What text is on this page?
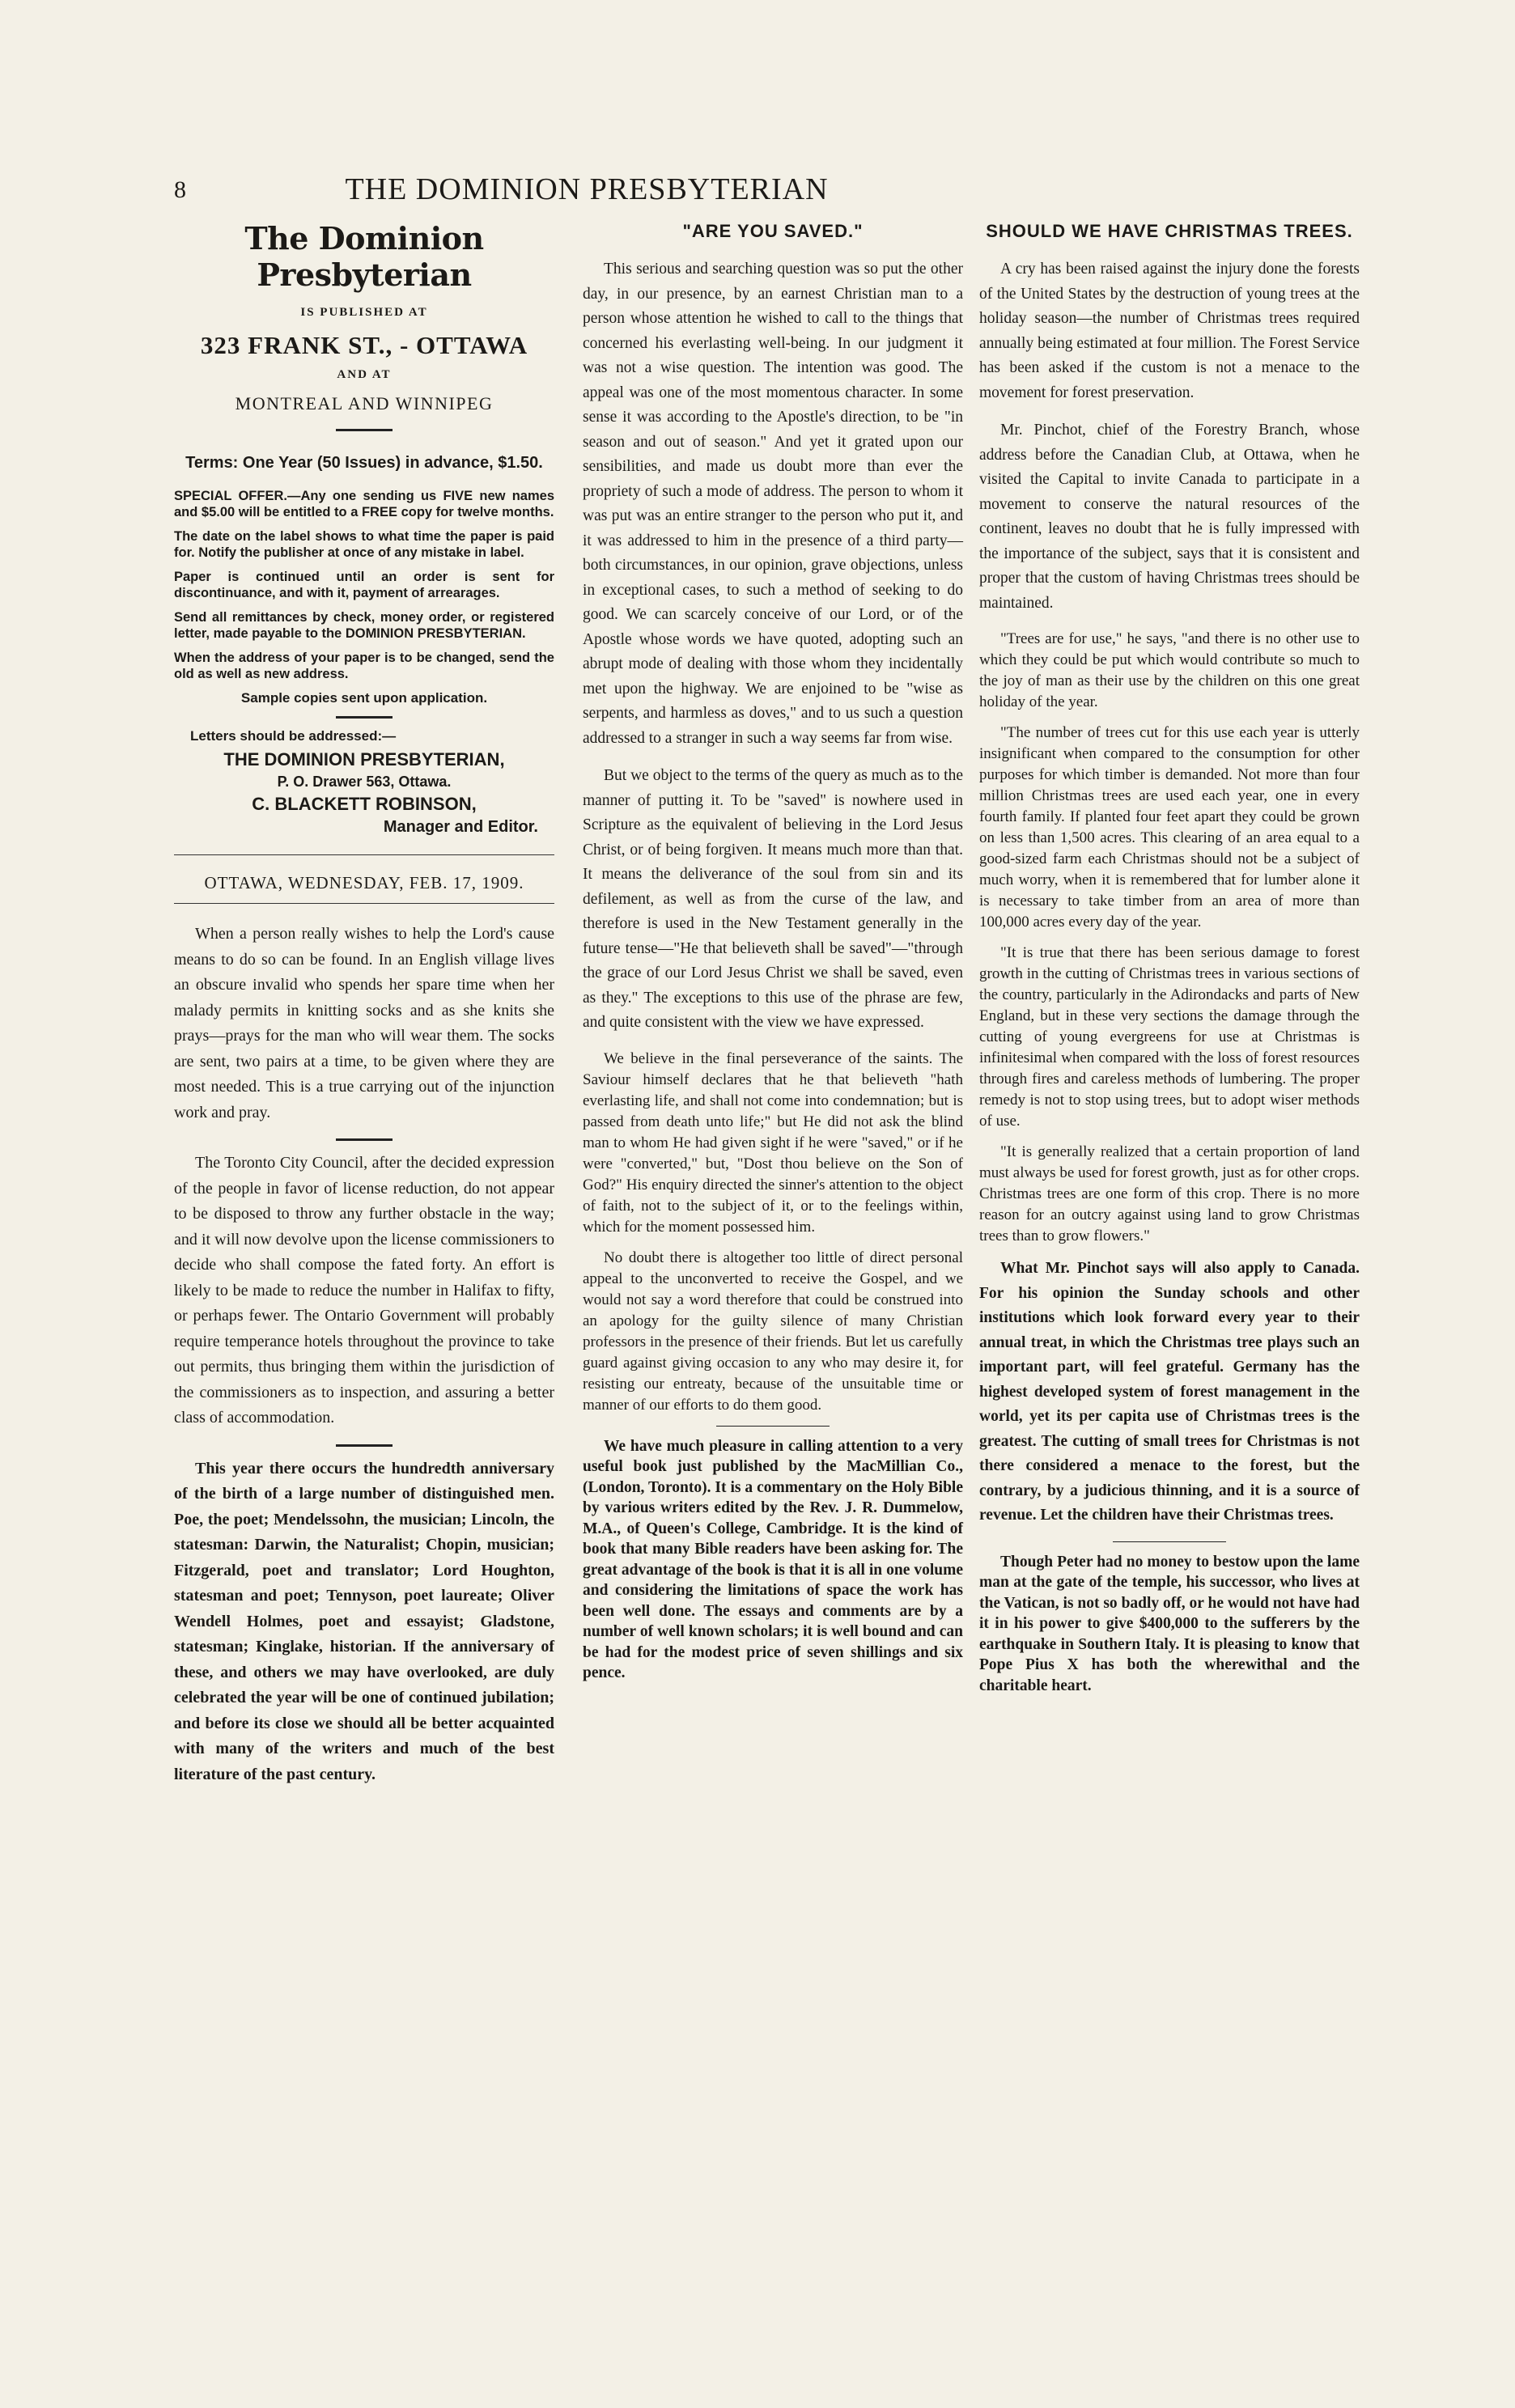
8	THE DOMINION PRESBYTERIAN
The Dominion Presbyterian
IS PUBLISHED AT
323 FRANK ST., - OTTAWA
AND AT
MONTREAL AND WINNIPEG
Terms: One Year (50 Issues) in advance, $1.50.

SPECIAL OFFER.—Any one sending us FIVE new names and $5.00 will be entitled to a FREE copy for twelve months.

The date on the label shows to what time the paper is paid for. Notify the publisher at once of any mistake in label.

Paper is continued until an order is sent for discontinuance, and with it, payment of arrearages.

Send all remittances by check, money order, or registered letter, made payable to the DOMINION PRESBYTERIAN.

When the address of your paper is to be changed, send the old as well as new address.

Sample copies sent upon application.
Letters should be addressed:—
THE DOMINION PRESBYTERIAN,
P. O. Drawer 563, Ottawa.
C. BLACKETT ROBINSON,
Manager and Editor.
OTTAWA, WEDNESDAY, FEB. 17, 1909.

When a person really wishes to help the Lord's cause means to do so can be found. In an English village lives an obscure invalid who spends her spare time when her malady permits in knitting socks and as she knits she prays—prays for the man who will wear them. The socks are sent, two pairs at a time, to be given where they are most needed. This is a true carrying out of the injunction work and pray.

The Toronto City Council, after the decided expression of the people in favor of license reduction, do not appear to be disposed to throw any further obstacle in the way; and it will now devolve upon the license commissioners to decide who shall compose the fated forty. An effort is likely to be made to reduce the number in Halifax to fifty, or perhaps fewer. The Ontario Government will probably require temperance hotels throughout the province to take out permits, thus bringing them within the jurisdiction of the commissioners as to inspection, and assuring a better class of accommodation.

This year there occurs the hundredth anniversary of the birth of a large number of distinguished men. Poe, the poet; Mendelssohn, the musician; Lincoln, the statesman: Darwin, the Naturalist; Chopin, musician; Fitzgerald, poet and translator; Lord Houghton, statesman and poet; Tennyson, poet laureate; Oliver Wendell Holmes, poet and essayist; Gladstone, statesman; Kinglake, historian. If the anniversary of these, and others we may have overlooked, are duly celebrated the year will be one of continued jubilation; and before its close we should all be better acquainted with many of the writers and much of the best literature of the past century.

"ARE YOU SAVED."

This serious and searching question was so put the other day, in our presence, by an earnest Christian man to a person whose attention he wished to call to the things that concerned his everlasting well-being. In our judgment it was not a wise question. The intention was good. The appeal was one of the most momentous character. In some sense it was according to the Apostle's direction, to be "in season and out of season." And yet it grated upon our sensibilities, and made us doubt more than ever the propriety of such a mode of address. The person to whom it was put was an entire stranger to the person who put it, and it was addressed to him in the presence of a third party—both circumstances, in our opinion, grave objections, unless in exceptional cases, to such a method of seeking to do good. We can scarcely conceive of our Lord, or of the Apostle whose words we have quoted, adopting such an abrupt mode of dealing with those whom they incidentally met upon the highway. We are enjoined to be "wise as serpents, and harmless as doves," and to us such a question addressed to a stranger in such a way seems far from wise.

But we object to the terms of the query as much as to the manner of putting it. To be "saved" is nowhere used in Scripture as the equivalent of believing in the Lord Jesus Christ, or of being forgiven. It means much more than that. It means the deliverance of the soul from sin and its defilement, as well as from the curse of the law, and therefore is used in the New Testament generally in the future tense—"He that believeth shall be saved"—"through the grace of our Lord Jesus Christ we shall be saved, even as they." The exceptions to this use of the phrase are few, and quite consistent with the view we have expressed.

We believe in the final perseverance of the saints. The Saviour himself declares that he that believeth "hath everlasting life, and shall not come into condemnation; but is passed from death unto life;" but He did not ask the blind man to whom He had given sight if he were "saved," or if he were "converted," but, "Dost thou believe on the Son of God?" His enquiry directed the sinner's attention to the object of faith, not to the subject of it, or to the feelings within, which for the moment possessed him.

No doubt there is altogether too little of direct personal appeal to the unconverted to receive the Gospel, and we would not say a word therefore that could be construed into an apology for the guilty silence of many Christian professors in the presence of their friends. But let us carefully guard against giving occasion to any who may desire it, for resisting our entreaty, because of the unsuitable time or manner of our efforts to do them good.

We have much pleasure in calling attention to a very useful book just published by the MacMillian Co., (London, Toronto). It is a commentary on the Holy Bible by various writers edited by the Rev. J. R. Dummelow, M.A., of Queen's College, Cambridge. It is the kind of book that many Bible readers have been asking for. The great advantage of the book is that it is all in one volume and considering the limitations of space the work has been well done. The essays and comments are by a number of well known scholars; it is well bound and can be had for the modest price of seven shillings and six pence.

SHOULD WE HAVE CHRISTMAS TREES.

A cry has been raised against the injury done the forests of the United States by the destruction of young trees at the holiday season—the number of Christmas trees required annually being estimated at four million. The Forest Service has been asked if the custom is not a menace to the movement for forest preservation.

Mr. Pinchot, chief of the Forestry Branch, whose address before the Canadian Club, at Ottawa, when he visited the Capital to invite Canada to participate in a movement to conserve the natural resources of the continent, leaves no doubt that he is fully impressed with the importance of the subject, says that it is consistent and proper that the custom of having Christmas trees should be maintained.

"Trees are for use," he says, "and there is no other use to which they could be put which would contribute so much to the joy of man as their use by the children on this one great holiday of the year.

"The number of trees cut for this use each year is utterly insignificant when compared to the consumption for other purposes for which timber is demanded. Not more than four million Christmas trees are used each year, one in every fourth family. If planted four feet apart they could be grown on less than 1,500 acres. This clearing of an area equal to a good-sized farm each Christmas should not be a subject of much worry, when it is remembered that for lumber alone it is necessary to take timber from an area of more than 100,000 acres every day of the year.

"It is true that there has been serious damage to forest growth in the cutting of Christmas trees in various sections of the country, particularly in the Adirondacks and parts of New England, but in these very sections the damage through the cutting of young evergreens for use at Christmas is infinitesimal when compared with the loss of forest resources through fires and careless methods of lumbering. The proper remedy is not to stop using trees, but to adopt wiser methods of use.

"It is generally realized that a certain proportion of land must always be used for forest growth, just as for other crops. Christmas trees are one form of this crop. There is no more reason for an outcry against using land to grow Christmas trees than to grow flowers."

What Mr. Pinchot says will also apply to Canada. For his opinion the Sunday schools and other institutions which look forward every year to their annual treat, in which the Christmas tree plays such an important part, will feel grateful. Germany has the highest developed system of forest management in the world, yet its per capita use of Christmas trees is the greatest. The cutting of small trees for Christmas is not there considered a menace to the forest, but the contrary, by a judicious thinning, and it is a source of revenue. Let the children have their Christmas trees.

Though Peter had no money to bestow upon the lame man at the gate of the temple, his successor, who lives at the Vatican, is not so badly off, or he would not have had it in his power to give $400,000 to the sufferers by the earthquake in Southern Italy. It is pleasing to know that Pope Pius X has both the wherewithal and the charitable heart.
